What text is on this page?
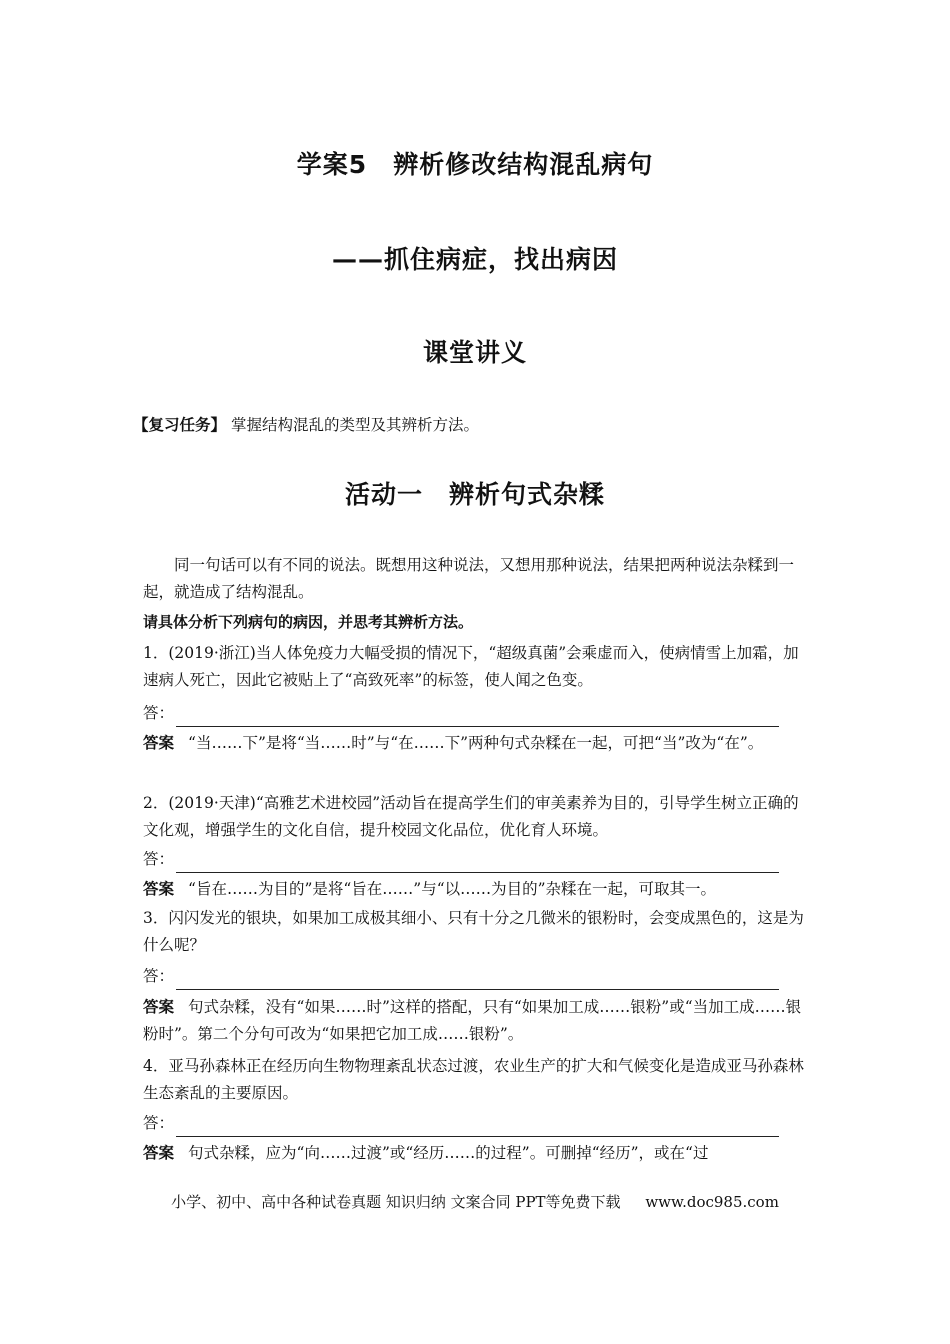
学案5　辨析修改结构混乱病句
——抓住病症，找出病因
课堂讲义
【复习任务】 掌握结构混乱的类型及其辨析方法。
活动一　辨析句式杂糅
同一句话可以有不同的说法。既想用这种说法，又想用那种说法，结果把两种说法杂糅到一起，就造成了结构混乱。
请具体分析下列病句的病因，并思考其辨析方法。
1．(2019·浙江)当人体免疫力大幅受损的情况下，“超级真菌”会乘虚而入，使病情雪上加霜，加速病人死亡，因此它被贴上了“高致死率”的标签，使人闻之色变。
答：
答案 “当……下”是将“当……时”与“在……下”两种句式杂糅在一起，可把“当”改为“在”。
2．(2019·天津)“高雅艺术进校园”活动旨在提高学生们的审美素养为目的，引导学生树立正确的文化观，增强学生的文化自信，提升校园文化品位，优化育人环境。
答：
答案 “旨在……为目的”是将“旨在……”与“以……为目的”杂糅在一起，可取其一。
3．闪闪发光的银块，如果加工成极其细小、只有十分之几微米的银粉时，会变成黑色的，这是为什么呢？
答：
答案 句式杂糅，没有“如果……时”这样的搭配，只有“如果加工成……银粉”或“当加工成……银粉时”。第二个分句可改为“如果把它加工成……银粉”。
4．亚马孙森林正在经历向生物物理紊乱状态过渡，农业生产的扩大和气候变化是造成亚马孙森林生态紊乱的主要原因。
答：
答案 句式杂糅，应为“向……过渡”或“经历……的过程”。可删掉“经历”，或在“过
小学、初中、高中各种试卷真题 知识归纳 文案合同 PPT等免费下载 www.doc985.com
